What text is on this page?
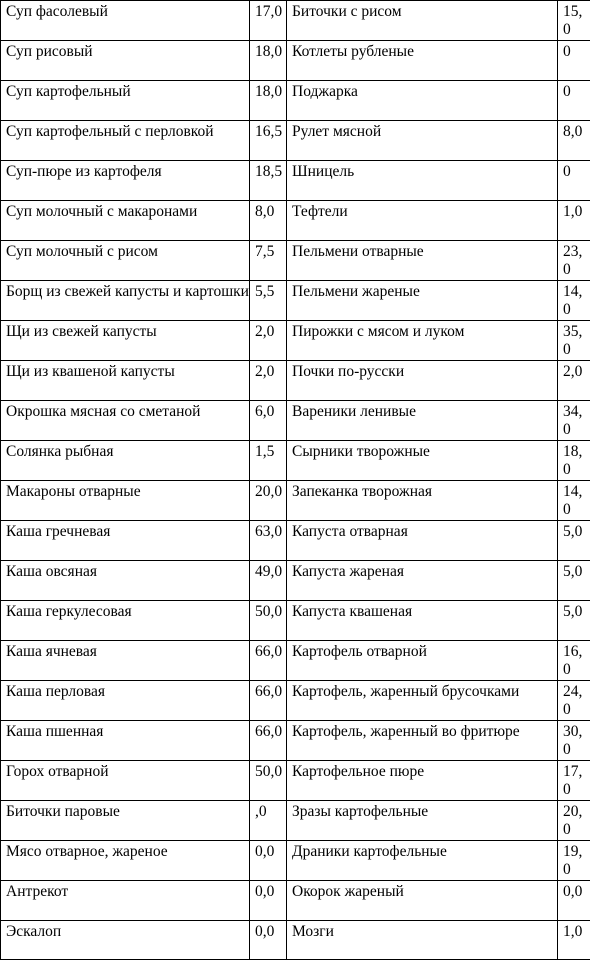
Суп фасолевый	17,0	Биточки с рисом	15,0
Суп рисовый	18,0	Котлеты рубленые	0
Суп картофельный	18,0	Поджарка	0
Суп картофельный с перловкой	16,5	Рулет мясной	8,0
Суп-пюре из картофеля	18,5	Шницель	0
Суп молочный с макаронами	8,0	Тефтели	1,0
Суп молочный с рисом	7,5	Пельмени отварные	23,0
Борщ из свежей капусты и картошки	5,5	Пельмени жареные	14,0
Щи из свежей капусты	2,0	Пирожки с мясом и луком	35,0
Щи из квашеной капусты	2,0	Почки по-русски	2,0
Окрошка мясная со сметаной	6,0	Вареники ленивые	34,0
Солянка рыбная	1,5	Сырники творожные	18,0
Макароны отварные	20,0	Запеканка творожная	14,0
Каша гречневая	63,0	Капуста отварная	5,0
Каша овсяная	49,0	Капуста жареная	5,0
Каша геркулесовая	50,0	Капуста квашеная	5,0
Каша ячневая	66,0	Картофель отварной	16,0
Каша перловая	66,0	Картофель, жаренный брусочками	24,0
Каша пшенная	66,0	Картофель, жаренный во фритюре	30,0
Горох отварной	50,0	Картофельное пюре	17,0
Биточки паровые	,0	Зразы картофельные	20,0
Мясо отварное, жареное	0,0	Драники картофельные	19,0
Антрекот	0,0	Окорок жареный	0,0
Эскалоп	0,0	Мозги	1,0
